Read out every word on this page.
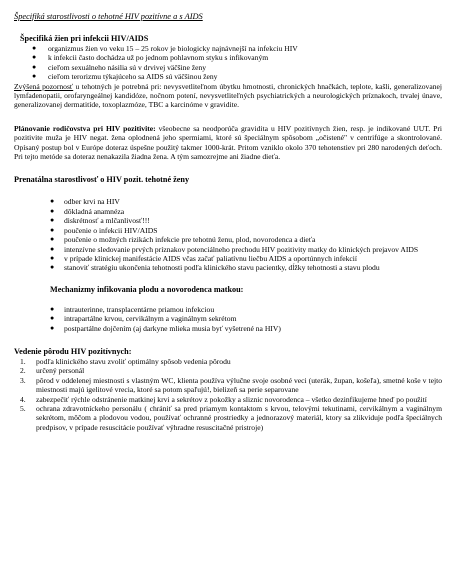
Špecifiká starostlivosti o tehotné HIV pozitívne a s AIDS
Špecifiká žien pri infekcii HIV/AIDS
● organizmus žien vo veku 15 – 25 rokov je biologicky najnávnejší na infekciu HIV
● k infekcii často dochádza už po jednom pohlavnom styku s infikovaným
● cieľom sexuálneho násilia sú v drvivej väčšine ženy
● cieľom terorizmu týkajúceho sa AIDS sú väčšinou ženy
Zvýšená pozornosť u tehotných je potrebná pri: nevysvetliteľnom úbytku hmotnosti, chronických hnačkách, teplote, kašli, generalizovanej lymfadenopatii, orofaryngeálnej kandidóze, nočnom potení, nevysvetliteľných psychiatrických a neurologických príznakoch, trvalej únave, generalizovanej dermatitíde, toxoplazmóze, TBC a karcinóme v gravidite.
Plánovanie rodičovstva pri HIV pozitivite: všeobecne sa neodporúča gravidita u HIV pozitívnych žien, resp. je indikované UUT. Pri pozitivite muža je HIV negat. žena oplodnená jeho spermiami, ktoré sú špeciálnym spôsobom „očistené" v centrifúge a skontrolované. Opísaný postup bol v Európe doteraz úspešne použitý takmer 1000-krát. Pritom vzniklo okolo 370 tehotenstiev pri 280 narodených deťoch. Pri tejto metóde sa doteraz nenakazila žiadna žena. A tým samozrejme ani žiadne dieťa.
Prenatálna starostlivosť o HIV pozit. tehotné ženy
● odber krvi na HIV
● dôkladná anamnéza
● diskrétnosť a mlčanlivosť!!!
● poučenie o infekcii HIV/AIDS
● poučenie o možných rizikách infekcie pre tehotnú ženu, plod, novorodenca a dieťa
● intenzívne sledovanie prvých príznakov potenciálneho prechodu HIV pozitivity matky do klinických prejavov AIDS
● v prípade klinickej manifestácie AIDS včas začať paliatívnu liečbu AIDS a oportúnnych infekcií
● stanoviť stratégiu ukončenia tehotnosti podľa klinického stavu pacientky, dĺžky tehotnosti a stavu plodu
Mechanizmy infikovania plodu a novorodenca matkou:
● intrauterinne, transplacentárne priamou infekciou
● intrapartálne krvou, cervikálnym a vaginálnym sekrétom
● postpartálne dojčením (aj darkyne mlieka musia byť vyšetrené na HIV)
Vedenie pôrodu HIV pozitívnych:
1. podľa klinického stavu zvoliť optimálny spôsob vedenia pôrodu
2. určený personál
3. pôrod v oddelenej miestnosti s vlastným WC, klienta používa výlučne svoje osobné veci (uterák, župan, košeľa), smetné koše v tejto miestnosti majú igelitové vrecia, ktoré sa potom spaľujú!, bielizeň sa perie separovane
4. zabezpečiť rýchle odstránenie matkinej krvi a sekrétov z pokožky a sliznic novorodenca – všetko dezinfikujeme hneď po použití
5. ochrana zdravotníckeho personálu ( chrániť sa pred priamym kontaktom s krvou, telovými tekutinami, cervikálnym a vaginálnym sekrétom, môčom a plodovou vodou, používať ochranné prostriedky a jednorazový materiál, ktory sa zlikviduje podľa špeciálnych predpisov, v prípade resuscitácie používať výhradne resuscitačné pristroje)
